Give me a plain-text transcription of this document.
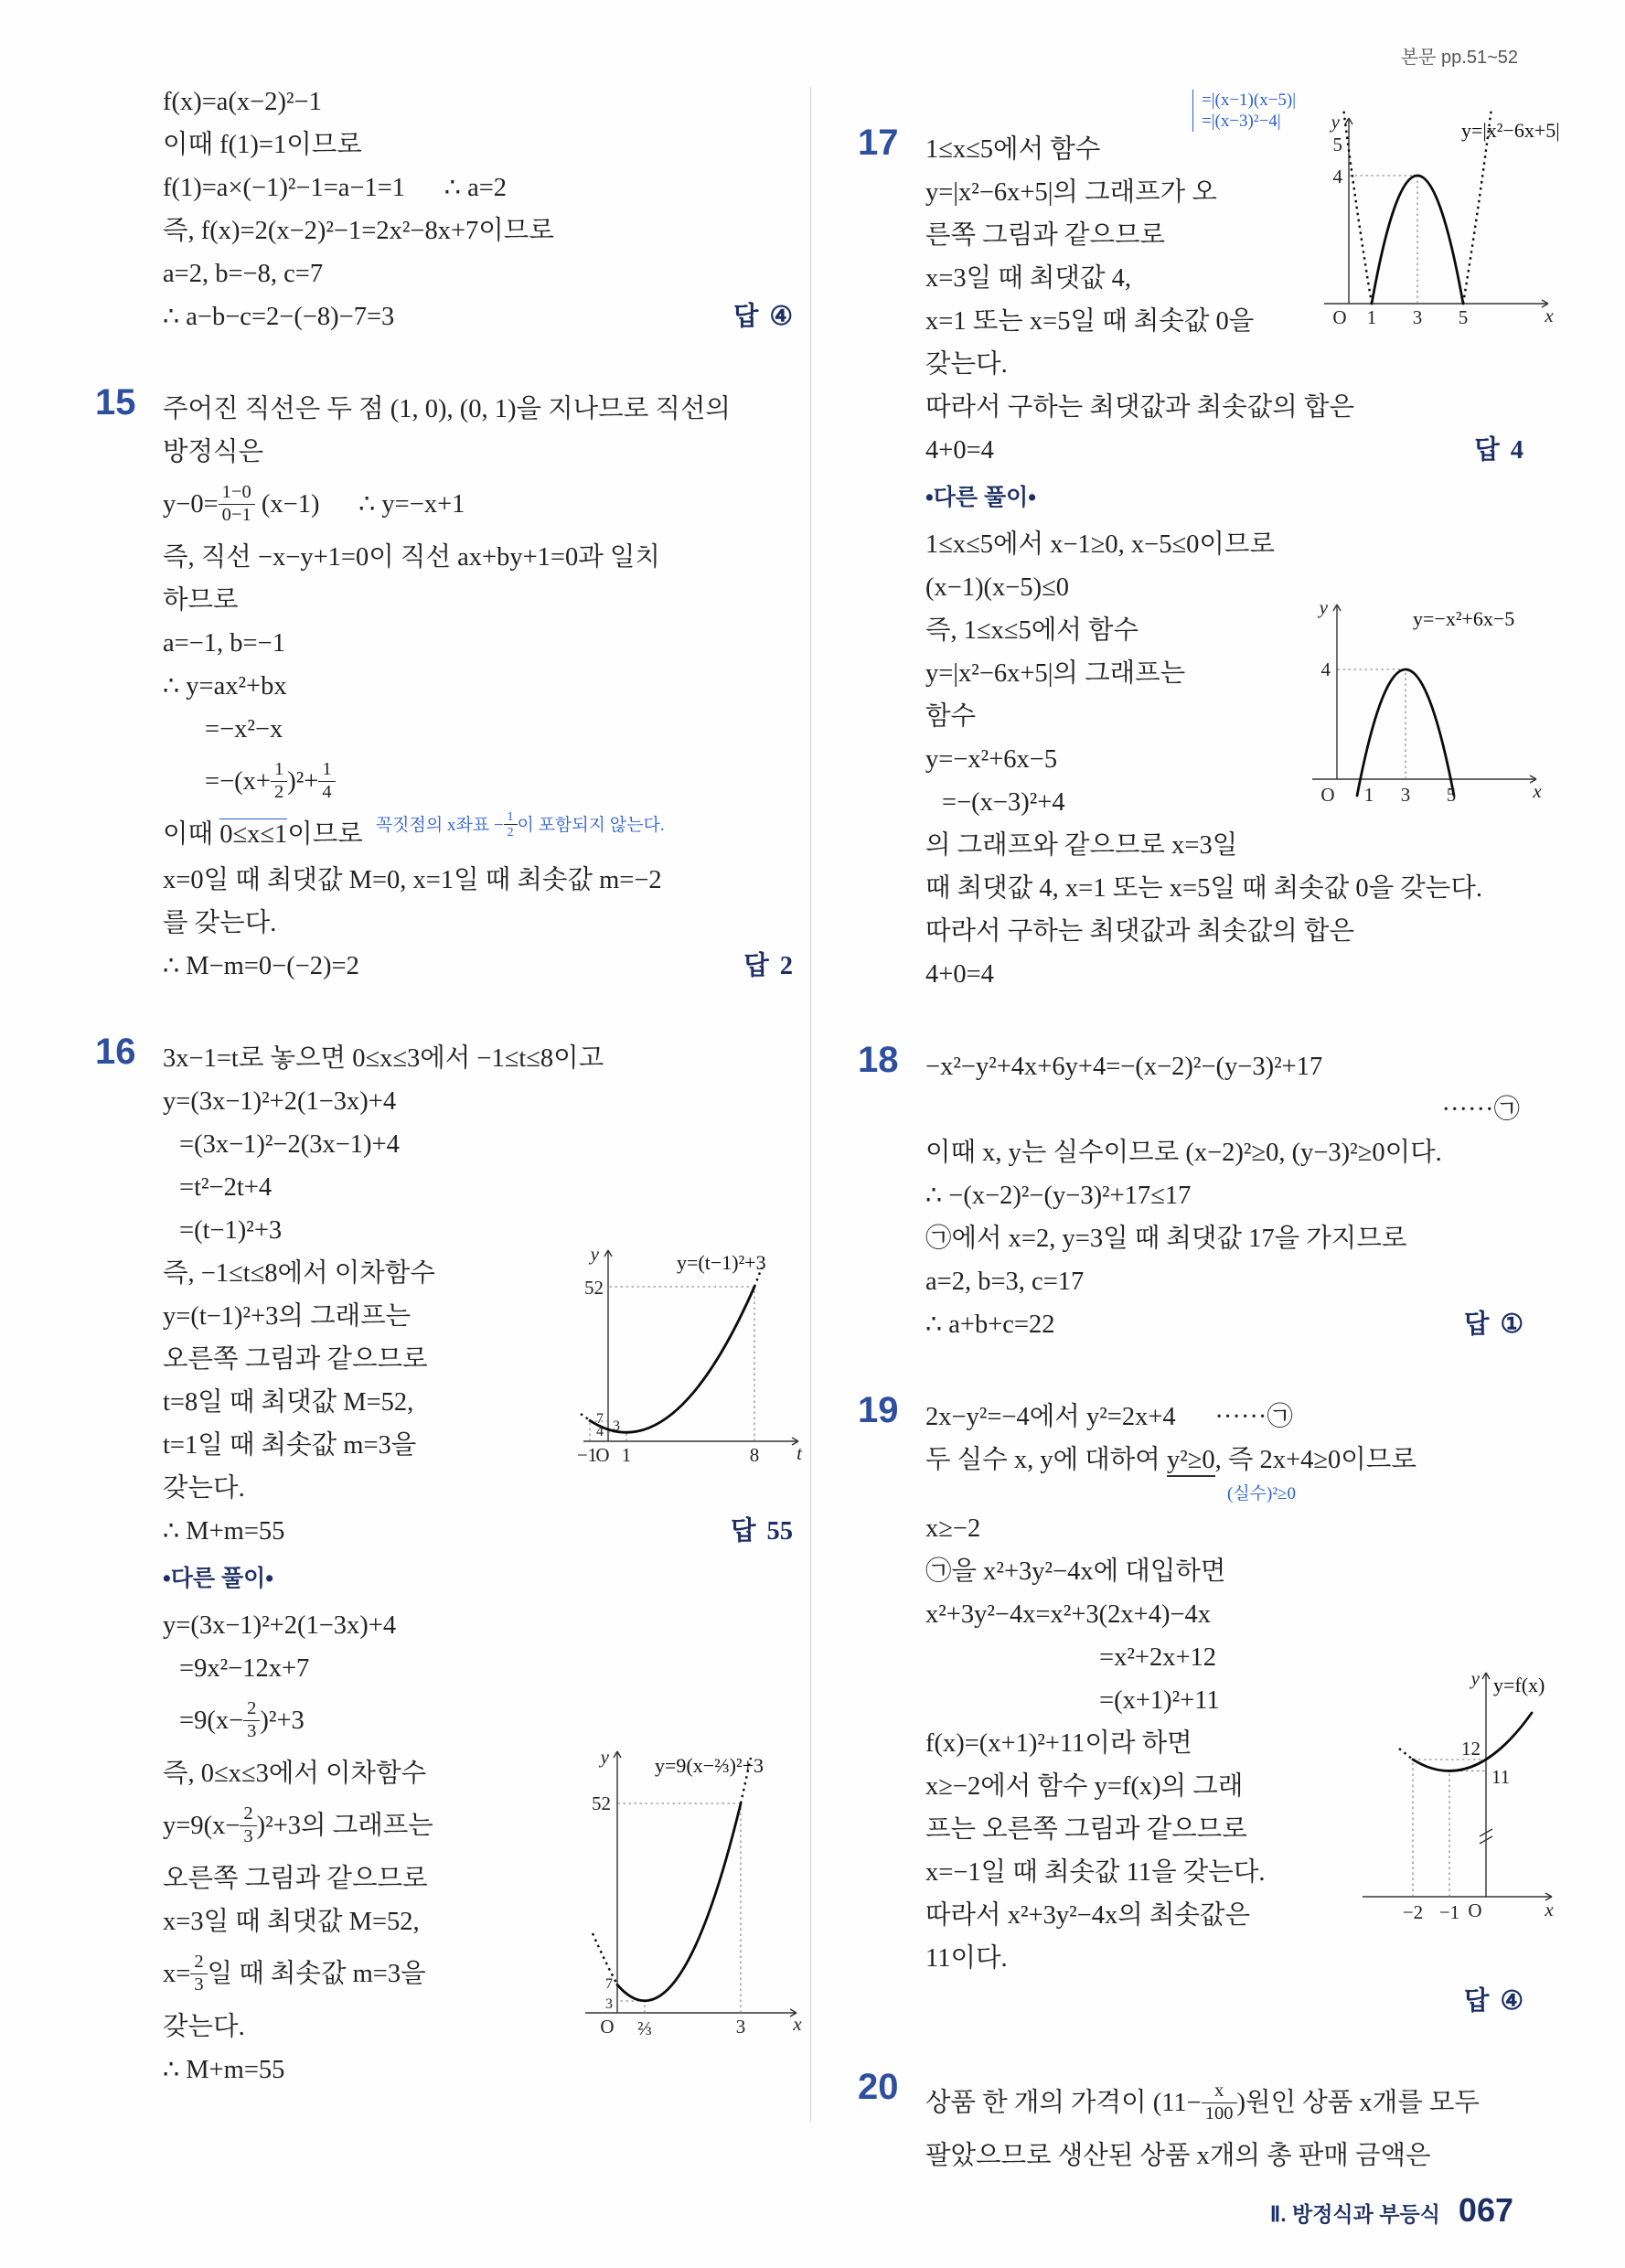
본문 pp.51~52
f(x)=a(x−2)²−1
이때 f(1)=1이므로
f(1)=a×(−1)²−1=a−1=1      ∴ a=2
즉, f(x)=2(x−2)²−1=2x²−8x+7이므로
a=2, b=−8, c=7
∴ a−b−c=2−(−8)−7=3	답 ④
15 주어진 직선은 두 점 (1, 0), (0, 1)을 지나므로 직선의
방정식은
$y-0= \frac{1-0}{0-1} (x-1)$      ∴ y=−x+1
즉, 직선 −x−y+1=0이 직선 ax+by+1=0과 일치
하므로
a=−1, b=−1
∴ y=ax²+bx
=−x²−x
$=-(x+ \frac{1}{2} )^2+ \frac{1}{4}$
이때 0≤x≤1이므로 $^{꼭짓점의 x좌표 - \frac{1}{2} 이 포함되지 않는다.}$
x=0일 때 최댓값 M=0, x=1일 때 최솟값 m=−2
를 갖는다.
∴ M−m=0−(−2)=2	답 2
16 3x−1=t로 놓으면 0≤x≤3에서 −1≤t≤8이고
y=(3x−1)²+2(1−3x)+4
=(3x−1)²−2(3x−1)+4
=t²−2t+4
=(t−1)²+3
즉, −1≤t≤8에서 이차함수
y=(t−1)²+3의 그래프는
오른쪽 그림과 같으므로
t=8일 때 최댓값 M=52,
t=1일 때 최솟값 m=3을
갖는다.
∴ M+m=55	답 55
•다른 풀이•
y=(3x−1)²+2(1−3x)+4
=9x²−12x+7
$=9(x- \frac{2}{3} )^2+3$
즉, 0≤x≤3에서 이차함수
$y=9(x- \frac{2}{3} )^2+3$의 그래프는
오른쪽 그림과 같으므로
x=3일 때 최댓값 M=52,
$x= \frac{2}{3}$ 일 때 최솟값 m=3을
갖는다.
∴ M+m=55
y
52
7
4 3
−1
O 1	8 t
y=(t−1)²+3
y
52
7
3
O ⅔	3 x
y=9(x−⅔)²+3
17 1≤x≤5에서 함수
y=|x²−6x+5|의 그래프가 오
른쪽 그림과 같으므로
x=3일 때 최댓값 4,
x=1 또는 x=5일 때 최솟값 0을
갖는다.
따라서 구하는 최댓값과 최솟값의 합은
4+0=4	답 4
•다른 풀이•
1≤x≤5에서 x−1≥0, x−5≤0이므로
(x−1)(x−5)≤0
즉, 1≤x≤5에서 함수
y=|x²−6x+5|의 그래프는
함수
y=−x²+6x−5
=−(x−3)²+4
의 그래프와 같으므로 x=3일
때 최댓값 4, x=1 또는 x=5일 때 최솟값 0을 갖는다.
따라서 구하는 최댓값과 최솟값의 합은
4+0=4
=|(x−1)(x−5)|
=|(x−3)²−4|	y
5
4
O 1 3 5	x
y=|x²−6x+5|
y
4
O 1 3 5	x
y=−x²+6x−5
18 −x²−y²+4x+6y+4=−(x−2)²−(y−3)²+17
······㉠
이때 x, y는 실수이므로 (x−2)²≥0, (y−3)²≥0이다.
∴ −(x−2)²−(y−3)²+17≤17
㉠에서 x=2, y=3일 때 최댓값 17을 가지므로
a=2, b=3, c=17
∴ a+b+c=22	답 ①
19 2x−y²=−4에서 y²=2x+4      ······㉠
두 실수 x, y에 대하여 y²≥0, 즉 2x+4≥0이므로
(실수)²≥0
x≥−2
㉠을 x²+3y²−4x에 대입하면
x²+3y²−4x=x²+3(2x+4)−4x
=x²+2x+12
=(x+1)²+11
f(x)=(x+1)²+11이라 하면
x≥−2에서 함수 y=f(x)의 그래
프는 오른쪽 그림과 같으므로
x=−1일 때 최솟값 11을 갖는다.
따라서 x²+3y²−4x의 최솟값은
11이다.
답 ④
y y=f(x)
12
11
−2 −1 O	x
20 상품 한 개의 가격이 ($11- \frac{x}{100}$ )원인 상품 x개를 모두
팔았으므로 생산된 상품 x개의 총 판매 금액은
Ⅱ. 방정식과 부등식 067
